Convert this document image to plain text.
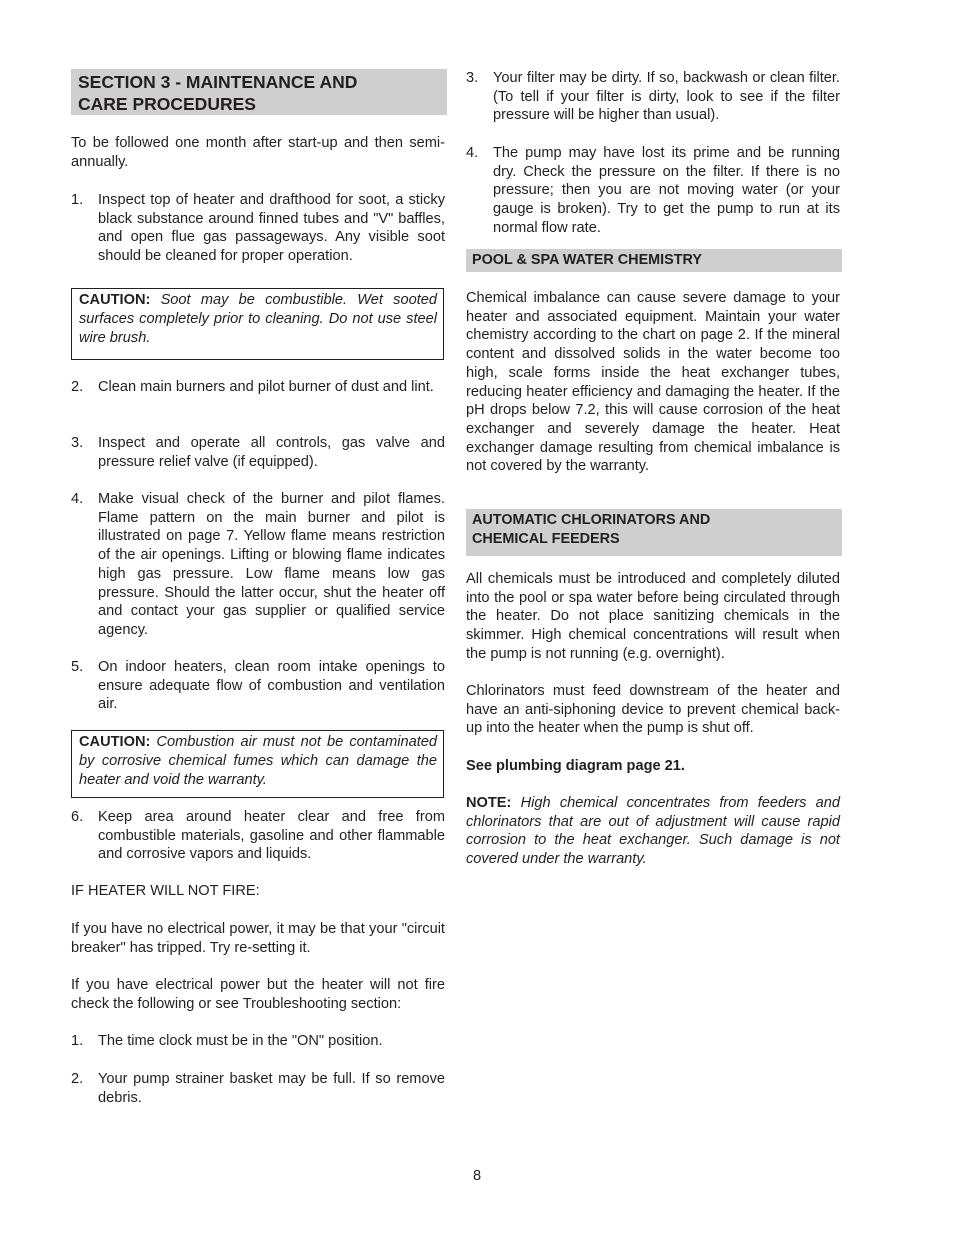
SECTION 3 - MAINTENANCE AND
CARE PROCEDURES

To be followed one month after start-up and then semi-annually.

1. Inspect top of heater and drafthood for soot, a sticky black substance around finned tubes and "V" baffles, and open flue gas passageways. Any visible soot should be cleaned for proper operation.
CAUTION: Soot may be combustible. Wet sooted surfaces completely prior to cleaning. Do not use steel wire brush.
2. Clean main burners and pilot burner of dust and lint.
3. Inspect and operate all controls, gas valve and pressure relief valve (if equipped).
4. Make visual check of the burner and pilot flames. Flame pattern on the main burner and pilot is illustrated on page 7. Yellow flame means restriction of the air openings. Lifting or blowing flame indicates high gas pressure. Low flame means low gas pressure. Should the latter occur, shut the heater off and contact your gas supplier or qualified service agency.
5. On indoor heaters, clean room intake openings to ensure adequate flow of combustion and ventilation air.
CAUTION: Combustion air must not be contaminated by corrosive chemical fumes which can damage the heater and void the warranty.
6. Keep area around heater clear and free from combustible materials, gasoline and other flammable and corrosive vapors and liquids.

IF HEATER WILL NOT FIRE:

If you have no electrical power, it may be that your "circuit breaker" has tripped. Try re-setting it.

If you have electrical power but the heater will not fire check the following or see Troubleshooting section:

1. The time clock must be in the "ON" position.
2. Your pump strainer basket may be full. If so remove debris.
3. Your filter may be dirty. If so, backwash or clean filter. (To tell if your filter is dirty, look to see if the filter pressure will be higher than usual).
4. The pump may have lost its prime and be running dry. Check the pressure on the filter. If there is no pressure; then you are not moving water (or your gauge is broken). Try to get the pump to run at its normal flow rate.
POOL & SPA WATER CHEMISTRY

Chemical imbalance can cause severe damage to your heater and associated equipment. Maintain your water chemistry according to the chart on page 2. If the mineral content and dissolved solids in the water become too high, scale forms inside the heat exchanger tubes, reducing heater efficiency and damaging the heater. If the pH drops below 7.2, this will cause corrosion of the heat exchanger and severely damage the heater. Heat exchanger damage resulting from chemical imbalance is not covered by the warranty.

AUTOMATIC CHLORINATORS AND
CHEMICAL FEEDERS

All chemicals must be introduced and completely diluted into the pool or spa water before being circulated through the heater. Do not place sanitizing chemicals in the skimmer. High chemical concentrations will result when the pump is not running (e.g. overnight).

Chlorinators must feed downstream of the heater and have an anti-siphoning device to prevent chemical back-up into the heater when the pump is shut off.

See plumbing diagram page 21.

NOTE: High chemical concentrates from feeders and chlorinators that are out of adjustment will cause rapid corrosion to the heat exchanger. Such damage is not covered under the warranty.

8
